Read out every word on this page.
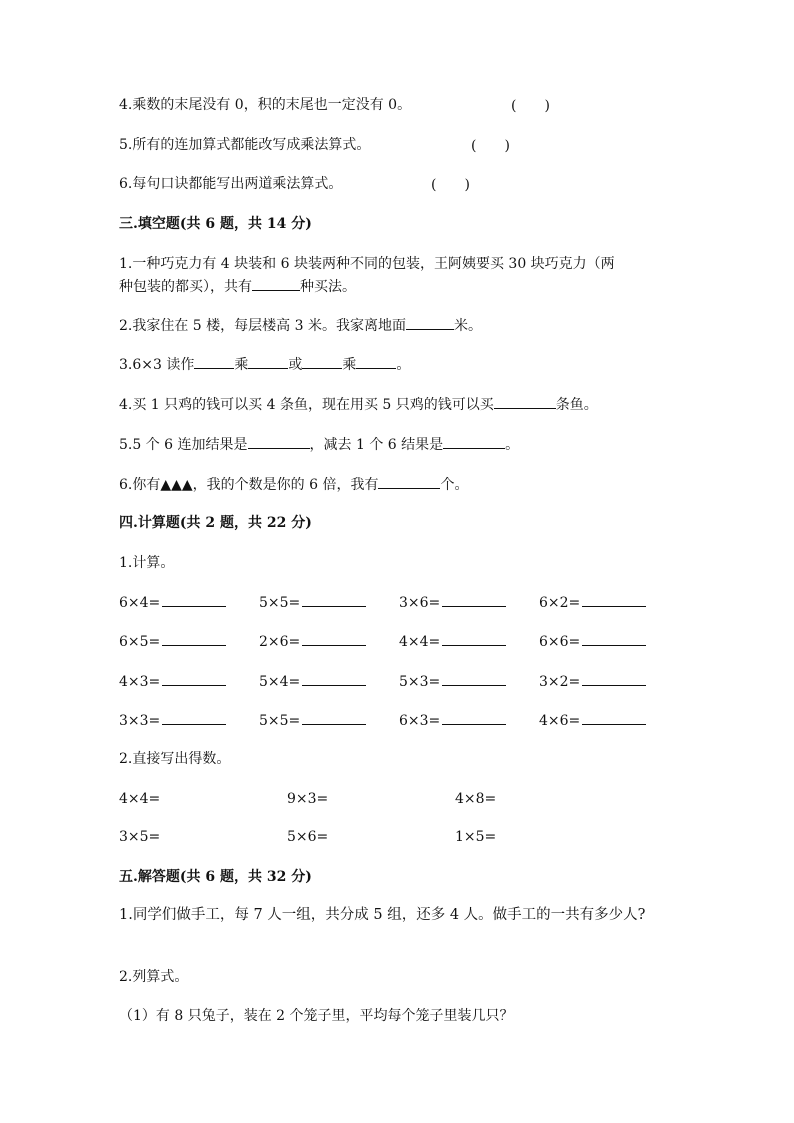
4.乘数的末尾没有 0，积的末尾也一定没有 0。	(　　)
5.所有的连加算式都能改写成乘法算式。	(　　)
6.每句口诀都能写出两道乘法算式。	(　　)
三.填空题(共 6 题，共 14 分)
1.一种巧克力有 4 块装和 6 块装两种不同的包装，王阿姨要买 30 块巧克力（两
种包装的都买），共有	种买法。
2.我家住在 5 楼，每层楼高 3 米。我家离地面	米。
3.6×3 读作	乘	或	乘	。
4.买 1 只鸡的钱可以买 4 条鱼，现在用买 5 只鸡的钱可以买	条鱼。
5.5 个 6 连加结果是	，减去 1 个 6 结果是	。
6.你有▲▲▲，我的个数是你的 6 倍，我有	个。
四.计算题(共 2 题，共 22 分)
1.计算。
6×4=	5×5=	3×6=	6×2=
6×5=	2×6=	4×4=	6×6=
4×3=	5×4=	5×3=	3×2=
3×3=	5×5=	6×3=	4×6=
2.直接写出得数。
4×4=	9×3=	4×8=
3×5=	5×6=	1×5=
五.解答题(共 6 题，共 32 分)
1.同学们做手工，每 7 人一组，共分成 5 组，还多 4 人。做手工的一共有多少人?
2.列算式。
（1）有 8 只兔子，装在 2 个笼子里，平均每个笼子里装几只？
